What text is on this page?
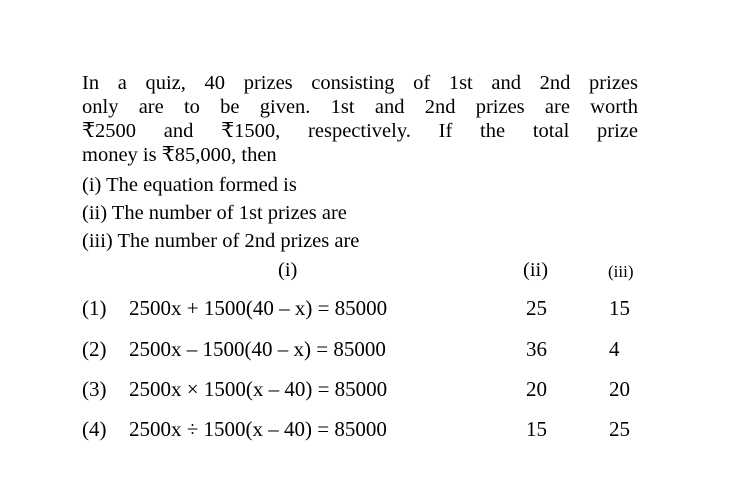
In a quiz, 40 prizes consisting of 1st and 2nd prizes
only are to be given. 1st and 2nd prizes are worth
₹2500 and ₹1500, respectively. If the total prize
money is ₹85,000, then
(i) The equation formed is
(ii) The number of 1st prizes are
(iii) The number of 2nd prizes are
(i)	(ii)	(iii)
(1) 2500x + 1500(40 – x) = 85000	25	15
(2) 2500x – 1500(40 – x) = 85000	36	4
(3) 2500x × 1500(x – 40) = 85000	20	20
(4) 2500x ÷ 1500(x – 40) = 85000	15	25
